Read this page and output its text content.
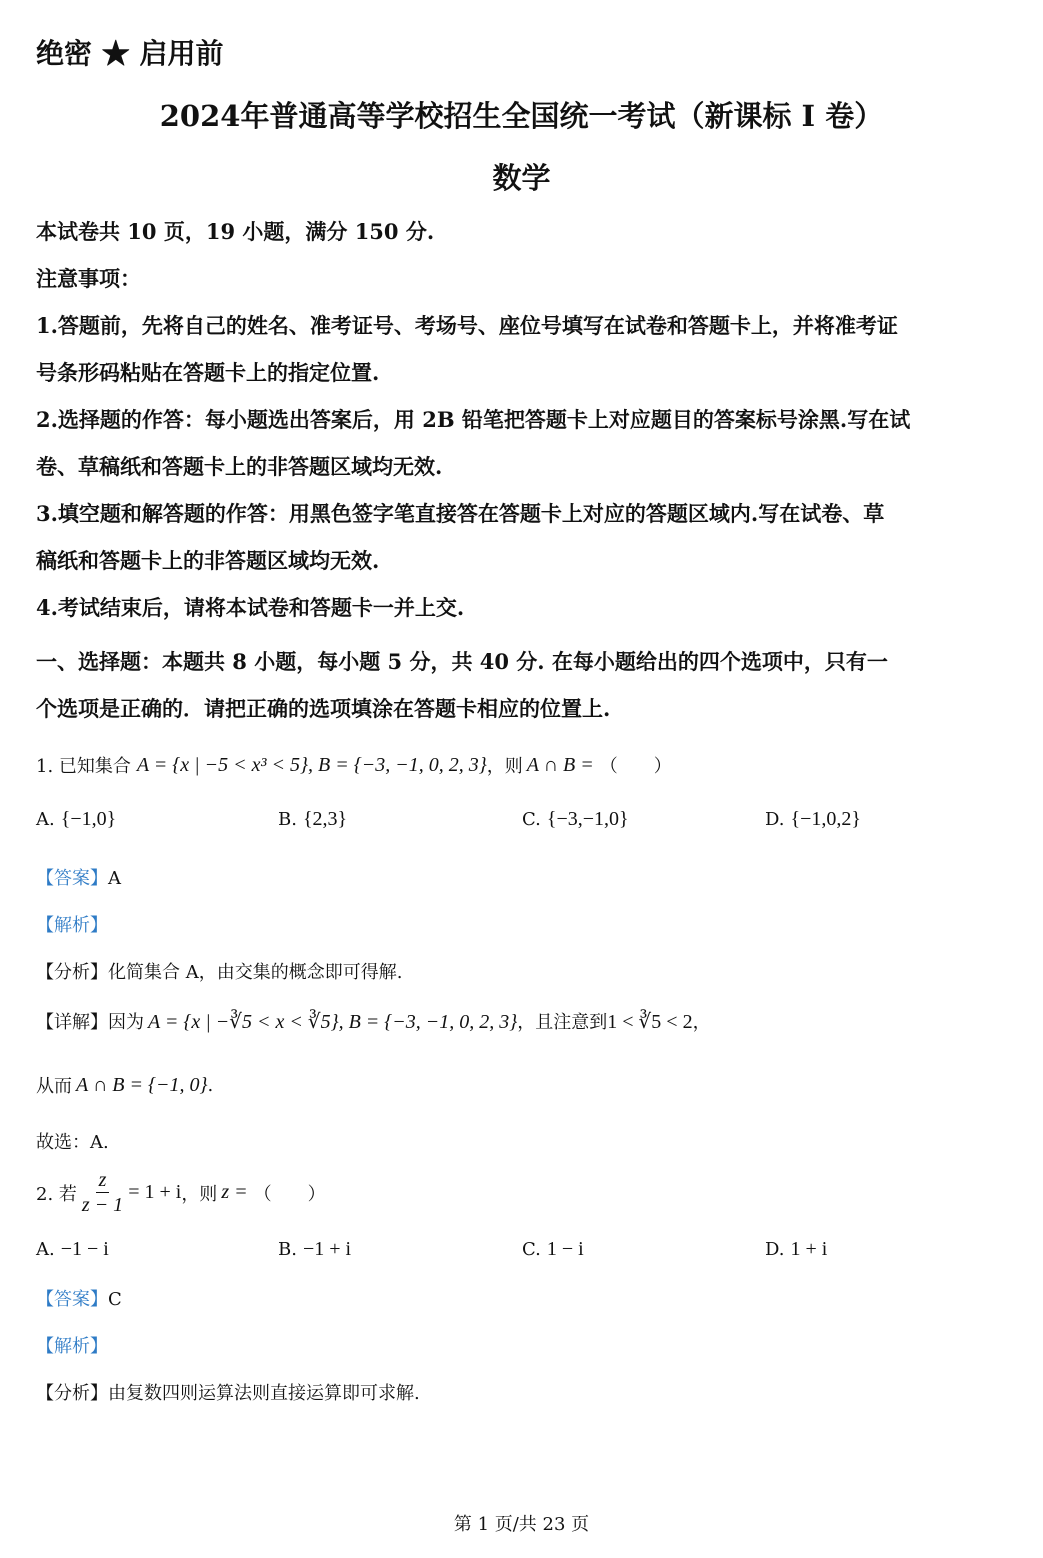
绝密 ★ 启用前
2024年普通高等学校招生全国统一考试（新课标 I 卷）
数学
本试卷共 10 页，19 小题，满分 150 分.
注意事项：
1.答题前，先将自己的姓名、准考证号、考场号、座位号填写在试卷和答题卡上，并将准考证
号条形码粘贴在答题卡上的指定位置.
2.选择题的作答：每小题选出答案后，用 2B 铅笔把答题卡上对应题目的答案标号涂黑.写在试
卷、草稿纸和答题卡上的非答题区域均无效.
3.填空题和解答题的作答：用黑色签字笔直接答在答题卡上对应的答题区域内.写在试卷、草
稿纸和答题卡上的非答题区域均无效.
4.考试结束后，请将本试卷和答题卡一并上交.
一、选择题：本题共 8 小题，每小题 5 分，共 40 分. 在每小题给出的四个选项中，只有一
个选项是正确的．请把正确的选项填涂在答题卡相应的位置上.
1. 已知集合 A = {x | −5 < x³ < 5}, B = {−3, −1, 0, 2, 3} ，则 A ∩ B = （　　）
A. {−1,0}	B. {2,3}	C. {−3,−1,0}	D. {−1,0,2}
【答案】A
【解析】
【分析】化简集合 A，由交集的概念即可得解.
【详解】 因为 A = {x | −∛5 < x < ∛5}, B = {−3, −1, 0, 2, 3} ，且注意到 1 < ∛5 < 2 ，
从而 A ∩ B = {−1, 0} .
故选：A.
2. 若 $\frac{z}{z - 1} = 1 + i$ ，则 z = （　　）
A. −1 − i	B. −1 + i	C. 1 − i	D. 1 + i
【答案】C
【解析】
【分析】由复数四则运算法则直接运算即可求解.
第 1 页/共 23 页
